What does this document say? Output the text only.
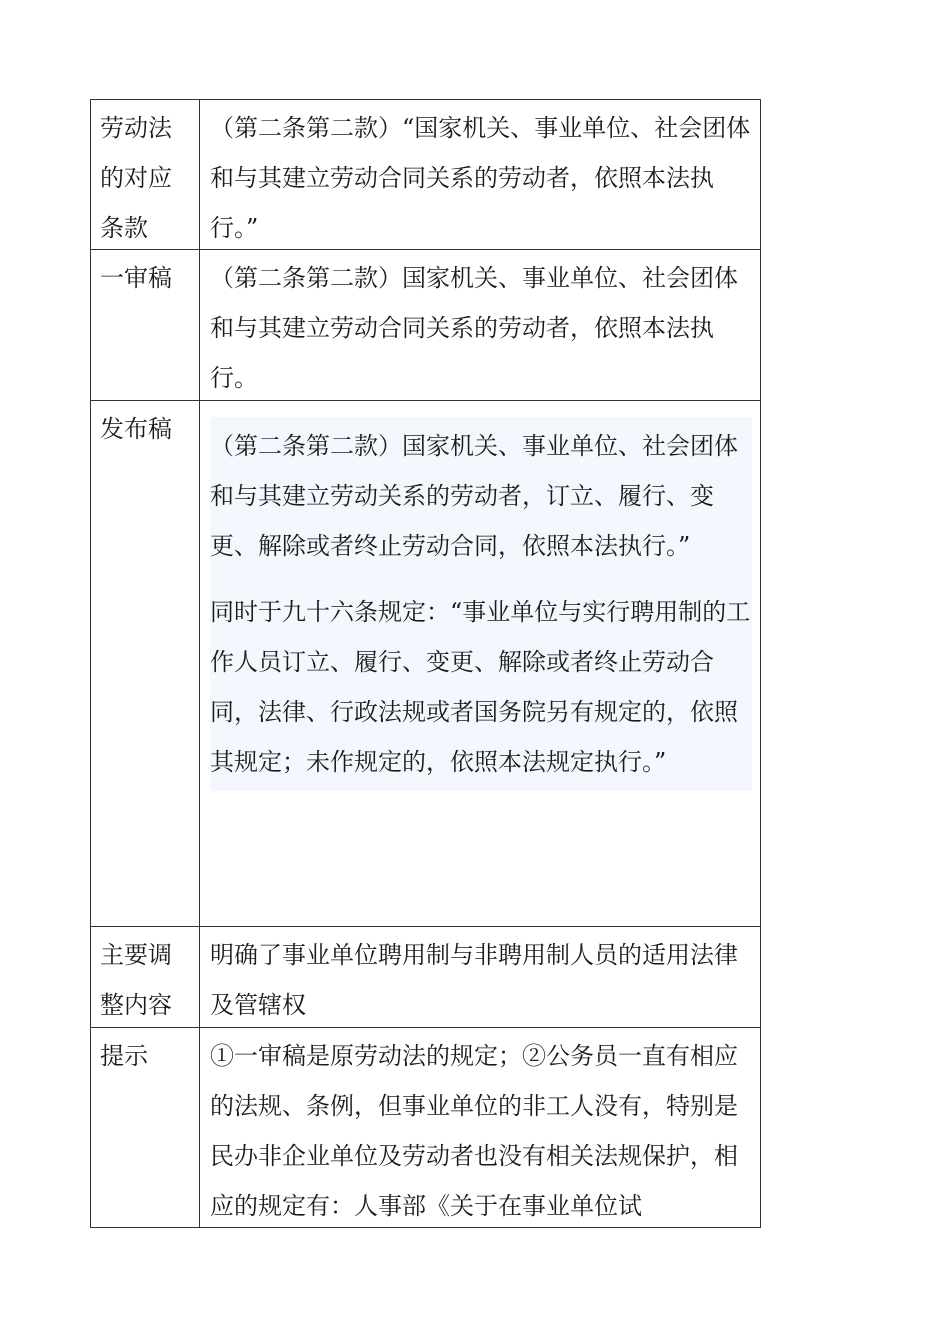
劳动法的对应条款
（第二条第二款）“国家机关、事业单位、社会团体和与其建立劳动合同关系的劳动者，依照本法执行。”
一审稿	（第二条第二款）国家机关、事业单位、社会团体和与其建立劳动合同关系的劳动者，依照本法执行。
发布稿

（第二条第二款）国家机关、事业单位、社会团体和与其建立劳动关系的劳动者，订立、履行、变更、解除或者终止劳动合同，依照本法执行。”

同时于九十六条规定：“事业单位与实行聘用制的工作人员订立、履行、变更、解除或者终止劳动合同，法律、行政法规或者国务院另有规定的，依照其规定；未作规定的，依照本法规定执行。”

主要调整内容
明确了事业单位聘用制与非聘用制人员的适用法律及管辖权
提示	①一审稿是原劳动法的规定；②公务员一直有相应的法规、条例，但事业单位的非工人没有，特别是民办非企业单位及劳动者也没有相关法规保护，相应的规定有：人事部《关于在事业单位试
